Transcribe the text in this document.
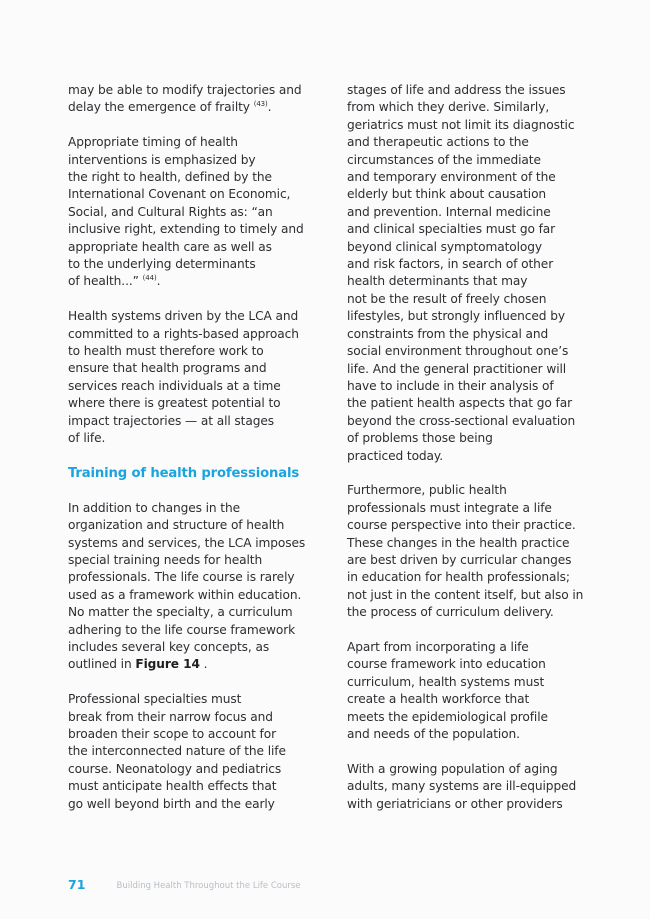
may be able to modify trajectories and
delay the emergence of frailty $^{(43)}$.

Appropriate timing of health
interventions is emphasized by
the right to health, defined by the
International Covenant on Economic,
Social, and Cultural Rights as: “an
inclusive right, extending to timely and
appropriate health care as well as
to the underlying determinants
of health...” $^{(44)}$.

Health systems driven by the LCA and
committed to a rights-based approach
to health must therefore work to
ensure that health programs and
services reach individuals at a time
where there is greatest potential to
impact trajectories — at all stages
of life.

Training of health professionals

In addition to changes in the
organization and structure of health
systems and services, the LCA imposes
special training needs for health
professionals. The life course is rarely
used as a framework within education.
No matter the specialty, a curriculum
adhering to the life course framework
includes several key concepts, as
outlined in Figure 14 .

Professional specialties must
break from their narrow focus and
broaden their scope to account for
the interconnected nature of the life
course. Neonatology and pediatrics
must anticipate health effects that
go well beyond birth and the early

stages of life and address the issues
from which they derive. Similarly,
geriatrics must not limit its diagnostic
and therapeutic actions to the
circumstances of the immediate
and temporary environment of the
elderly but think about causation
and prevention. Internal medicine
and clinical specialties must go far
beyond clinical symptomatology
and risk factors, in search of other
health determinants that may
not be the result of freely chosen
lifestyles, but strongly influenced by
constraints from the physical and
social environment throughout one’s
life. And the general practitioner will
have to include in their analysis of
the patient health aspects that go far
beyond the cross-sectional evaluation
of problems those being
practiced today.

Furthermore, public health
professionals must integrate a life
course perspective into their practice.
These changes in the health practice
are best driven by curricular changes
in education for health professionals;
not just in the content itself, but also in
the process of curriculum delivery.

Apart from incorporating a life
course framework into education
curriculum, health systems must
create a health workforce that
meets the epidemiological profile
and needs of the population.

With a growing population of aging
adults, many systems are ill-equipped
with geriatricians or other providers

71	Building Health Throughout the Life Course
